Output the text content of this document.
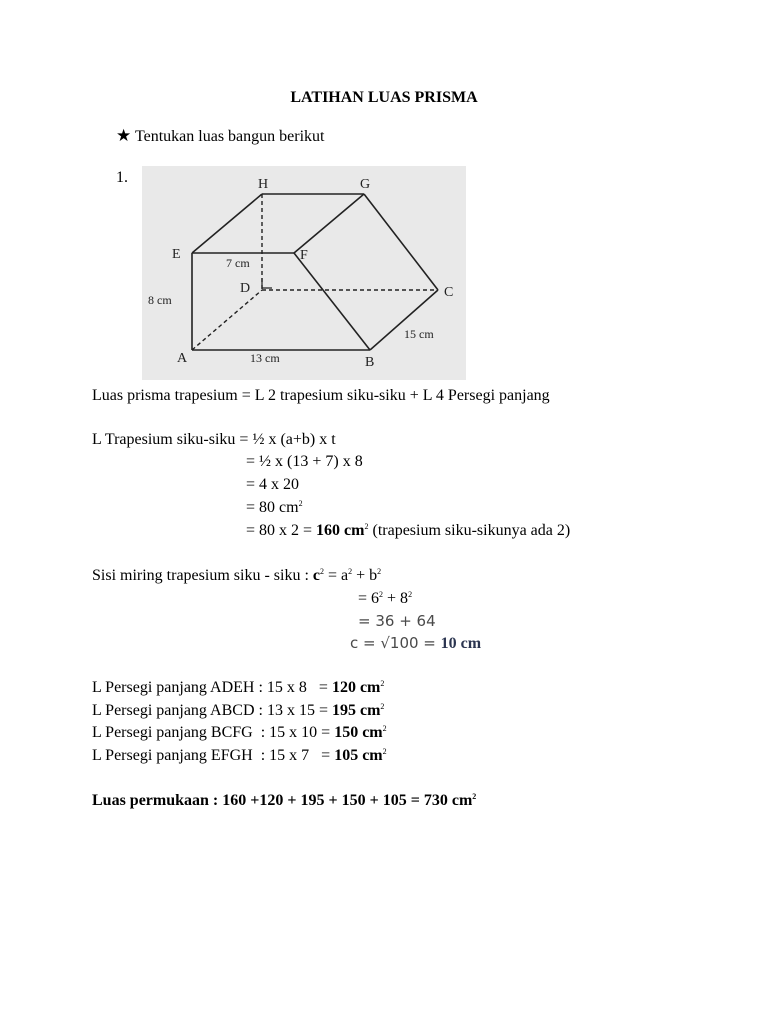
LATIHAN LUAS PRISMA
★ Tentukan luas bangun berikut
1.	H	G
E	F
D	C
A	B
7 cm
8 cm
13 cm
15 cm
Luas prisma trapesium = L 2 trapesium siku-siku + L 4 Persegi panjang
L Trapesium siku-siku = ½ x (a+b) x t
= ½ x (13 + 7) x 8
= 4 x 20
= 80 $cm^2$
= 80 x 2 = 160 $cm^2$ (trapesium siku-sikunya ada 2)
Sisi miring trapesium siku - siku : $c^2 = a^2 + b^2$
= $6^2 + 8^2$
= 36 + 64
c = √100 = 10 cm
L Persegi panjang ADEH : 15 x 8   = 120 $cm^2$
L Persegi panjang ABCD : 13 x 15 = 195 $cm^2$
L Persegi panjang BCFG  : 15 x 10 = 150 $cm^2$
L Persegi panjang EFGH  : 15 x 7   = 105 $cm^2$
Luas permukaan : 160 +120 + 195 + 150 + 105 = 730 $cm^2$
